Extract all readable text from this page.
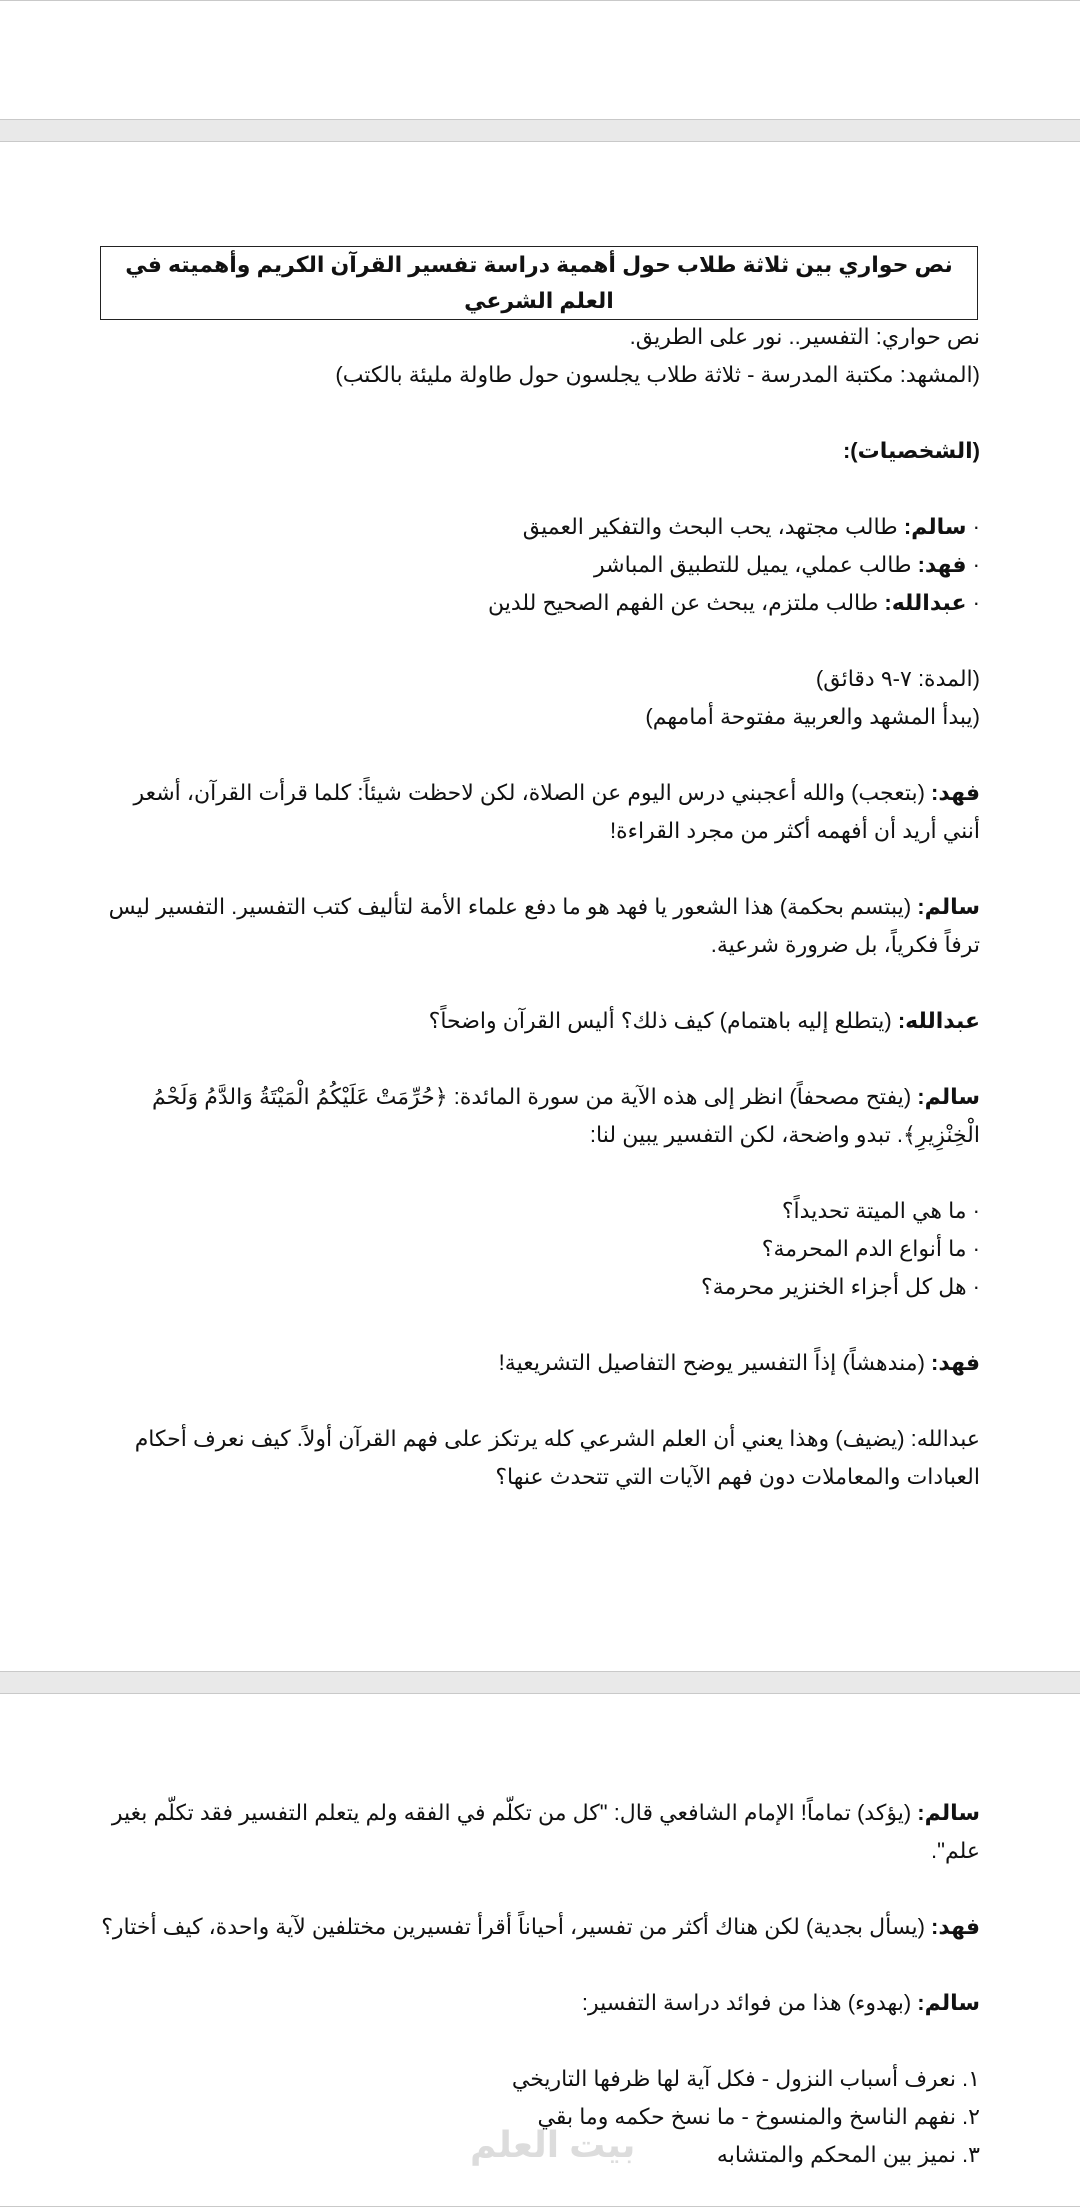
نص حواري بين ثلاثة طلاب حول أهمية دراسة تفسير القرآن الكريم وأهميته في العلم الشرعي

نص حواري: التفسير.. نور على الطريق.

(المشهد: مكتبة المدرسة - ثلاثة طلاب يجلسون حول طاولة مليئة بالكتب)

(الشخصيات):

· سالم: طالب مجتهد، يحب البحث والتفكير العميق

· فهد: طالب عملي، يميل للتطبيق المباشر

· عبدالله: طالب ملتزم، يبحث عن الفهم الصحيح للدين

(المدة: ٧-٩ دقائق)

(يبدأ المشهد والعربية مفتوحة أمامهم)

فهد: (بتعجب) والله أعجبني درس اليوم عن الصلاة، لكن لاحظت شيئاً: كلما قرأت القرآن، أشعر أنني أريد أن أفهمه أكثر من مجرد القراءة!

سالم: (يبتسم بحكمة) هذا الشعور يا فهد هو ما دفع علماء الأمة لتأليف كتب التفسير. التفسير ليس ترفاً فكرياً، بل ضرورة شرعية.

عبدالله: (يتطلع إليه باهتمام) كيف ذلك؟ أليس القرآن واضحاً؟

سالم: (يفتح مصحفاً) انظر إلى هذه الآية من سورة المائدة: ﴿حُرِّمَتْ عَلَيْكُمُ الْمَيْتَةُ وَالدَّمُ وَلَحْمُ الْخِنْزِيرِ﴾. تبدو واضحة، لكن التفسير يبين لنا:

· ما هي الميتة تحديداً؟

· ما أنواع الدم المحرمة؟

· هل كل أجزاء الخنزير محرمة؟

فهد: (مندهشاً) إذاً التفسير يوضح التفاصيل التشريعية!

عبدالله: (يضيف) وهذا يعني أن العلم الشرعي كله يرتكز على فهم القرآن أولاً. كيف نعرف أحكام العبادات والمعاملات دون فهم الآيات التي تتحدث عنها؟

سالم: (يؤكد) تماماً! الإمام الشافعي قال: "كل من تكلّم في الفقه ولم يتعلم التفسير فقد تكلّم بغير علم".

فهد: (يسأل بجدية) لكن هناك أكثر من تفسير، أحياناً أقرأ تفسيرين مختلفين لآية واحدة، كيف أختار؟

سالم: (بهدوء) هذا من فوائد دراسة التفسير:

١. نعرف أسباب النزول - فكل آية لها ظرفها التاريخي

٢. نفهم الناسخ والمنسوخ - ما نسخ حكمه وما بقي

٣. نميز بين المحكم والمتشابه

بيت العلم
